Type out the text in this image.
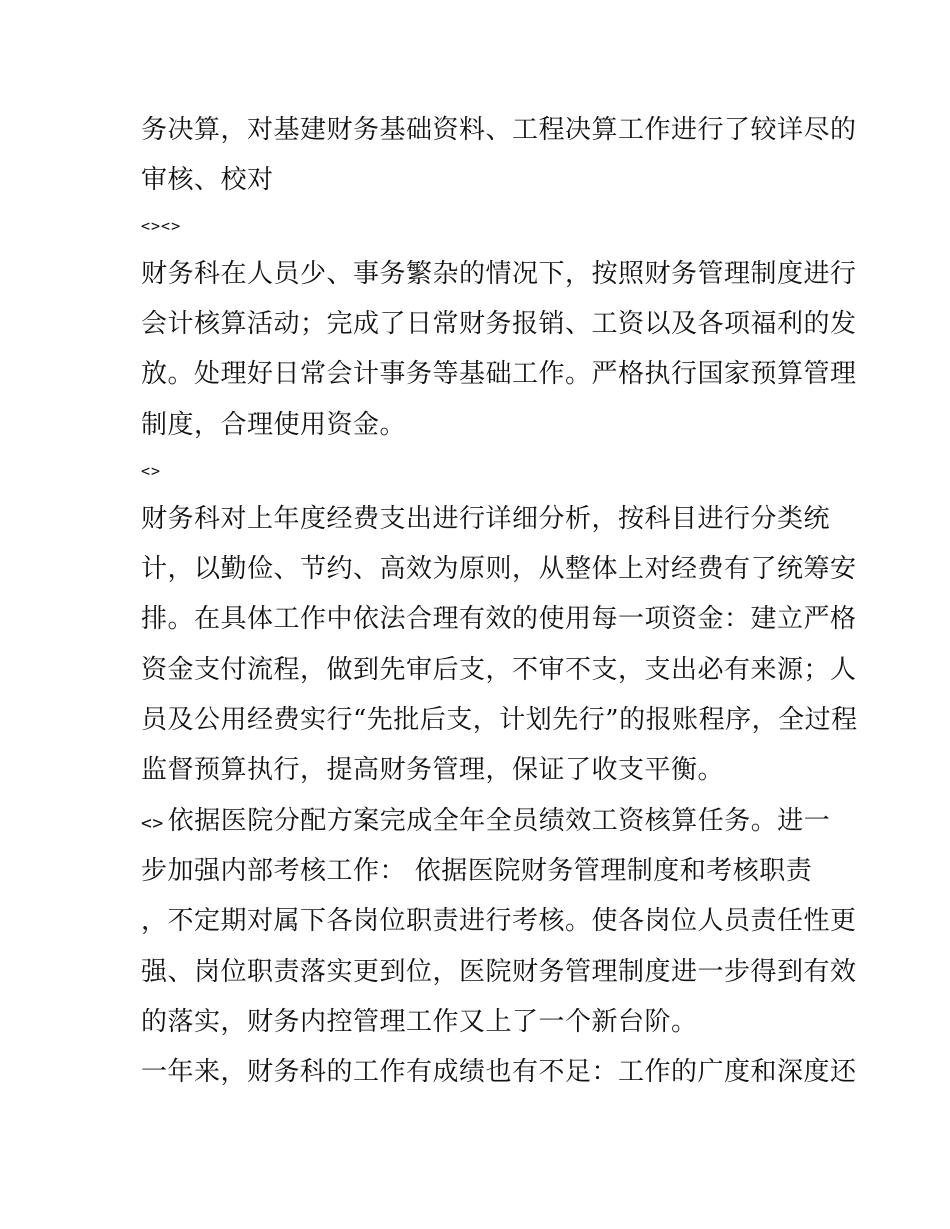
务决算，对基建财务基础资料、工程决算工作进行了较详尽的
审核、校对
<><>
财务科在人员少、事务繁杂的情况下，按照财务管理制度进行
会计核算活动；完成了日常财务报销、工资以及各项福利的发
放。处理好日常会计事务等基础工作。严格执行国家预算管理
制度，合理使用资金。
<>
财务科对上年度经费支出进行详细分析，按科目进行分类统
计，以勤俭、节约、高效为原则，从整体上对经费有了统筹安
排。在具体工作中依法合理有效的使用每一项资金：建立严格
资金支付流程，做到先审后支，不审不支，支出必有来源；人
员及公用经费实行“先批后支，计划先行”的报账程序，全过程
监督预算执行，提高财务管理，保证了收支平衡。
<> 依据医院分配方案完成全年全员绩效工资核算任务。进一
步加强内部考核工作： 依据医院财务管理制度和考核职责
，不定期对属下各岗位职责进行考核。使各岗位人员责任性更
强、岗位职责落实更到位，医院财务管理制度进一步得到有效
的落实，财务内控管理工作又上了一个新台阶。
一年来，财务科的工作有成绩也有不足：工作的广度和深度还
